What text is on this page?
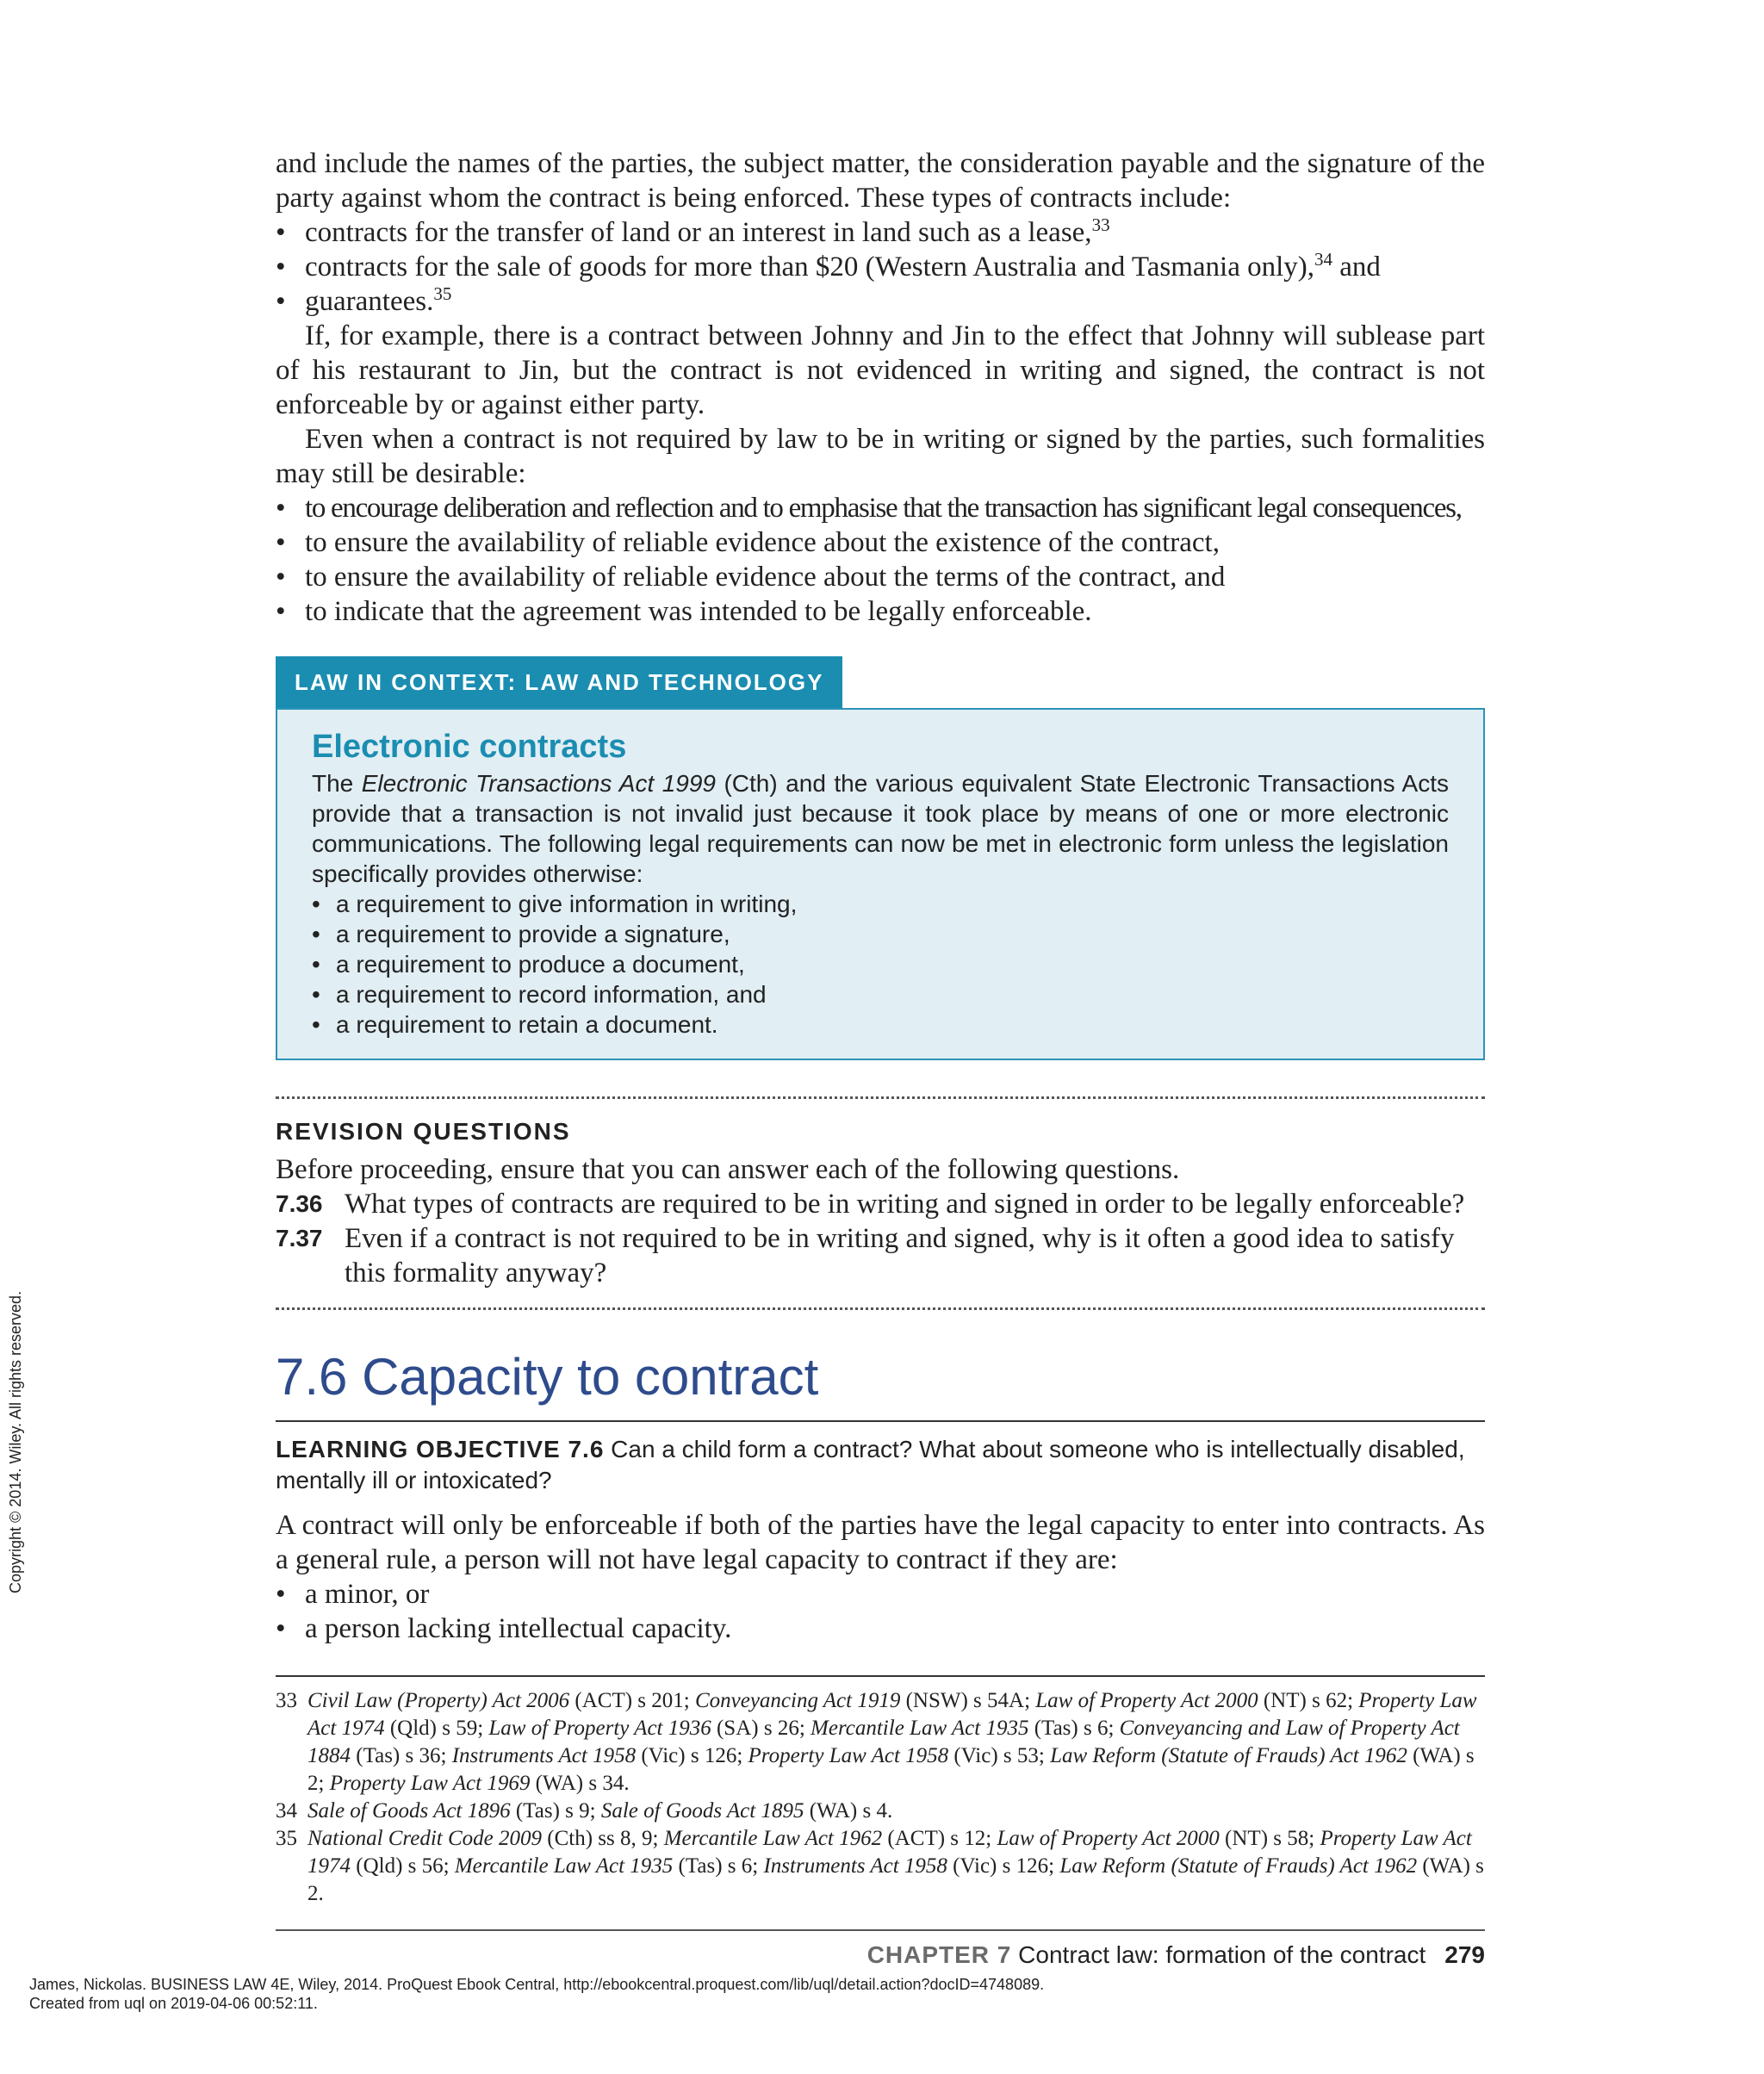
and include the names of the parties, the subject matter, the consideration payable and the signature of the party against whom the contract is being enforced. These types of contracts include:

• contracts for the transfer of land or an interest in land such as a lease,$^{33}$
• contracts for the sale of goods for more than $20 (Western Australia and Tasmania only),$^{34}$ and
• guarantees.$^{35}$

If, for example, there is a contract between Johnny and Jin to the effect that Johnny will sublease part of his restaurant to Jin, but the contract is not evidenced in writing and signed, the contract is not enforceable by or against either party.

Even when a contract is not required by law to be in writing or signed by the parties, such formalities may still be desirable:

• to encourage deliberation and reflection and to emphasise that the transaction has significant legal consequences,
• to ensure the availability of reliable evidence about the existence of the contract,
• to ensure the availability of reliable evidence about the terms of the contract, and
• to indicate that the agreement was intended to be legally enforceable.
LAW IN CONTEXT: LAW AND TECHNOLOGY
Electronic contracts

The Electronic Transactions Act 1999 (Cth) and the various equivalent State Electronic Transactions Acts provide that a transaction is not invalid just because it took place by means of one or more electronic communications. The following legal requirements can now be met in electronic form unless the legislation specifically provides otherwise:

• a requirement to give information in writing,
• a requirement to provide a signature,
• a requirement to produce a document,
• a requirement to record information, and
• a requirement to retain a document.
REVISION QUESTIONS

Before proceeding, ensure that you can answer each of the following questions.

7.36 What types of contracts are required to be in writing and signed in order to be legally enforceable?
7.37 Even if a contract is not required to be in writing and signed, why is it often a good idea to satisfy this formality anyway?
7.6 Capacity to contract
LEARNING OBJECTIVE 7.6 Can a child form a contract? What about someone who is intellectually disabled, mentally ill or intoxicated?

A contract will only be enforceable if both of the parties have the legal capacity to enter into contracts. As a general rule, a person will not have legal capacity to contract if they are:

• a minor, or
• a person lacking intellectual capacity.
33 Civil Law (Property) Act 2006 (ACT) s 201; Conveyancing Act 1919 (NSW) s 54A; Law of Property Act 2000 (NT) s 62; Property Law Act 1974 (Qld) s 59; Law of Property Act 1936 (SA) s 26; Mercantile Law Act 1935 (Tas) s 6; Conveyancing and Law of Property Act 1884 (Tas) s 36; Instruments Act 1958 (Vic) s 126; Property Law Act 1958 (Vic) s 53; Law Reform (Statute of Frauds) Act 1962 (WA) s 2; Property Law Act 1969 (WA) s 34.
34 Sale of Goods Act 1896 (Tas) s 9; Sale of Goods Act 1895 (WA) s 4.
35 National Credit Code 2009 (Cth) ss 8, 9; Mercantile Law Act 1962 (ACT) s 12; Law of Property Act 2000 (NT) s 58; Property Law Act 1974 (Qld) s 56; Mercantile Law Act 1935 (Tas) s 6; Instruments Act 1958 (Vic) s 126; Law Reform (Statute of Frauds) Act 1962 (WA) s 2.
CHAPTER 7 Contract law: formation of the contract 279
James, Nickolas. BUSINESS LAW 4E, Wiley, 2014. ProQuest Ebook Central, http://ebookcentral.proquest.com/lib/uql/detail.action?docID=4748089.
Created from uql on 2019-04-06 00:52:11.
Copyright © 2014. Wiley. All rights reserved.
